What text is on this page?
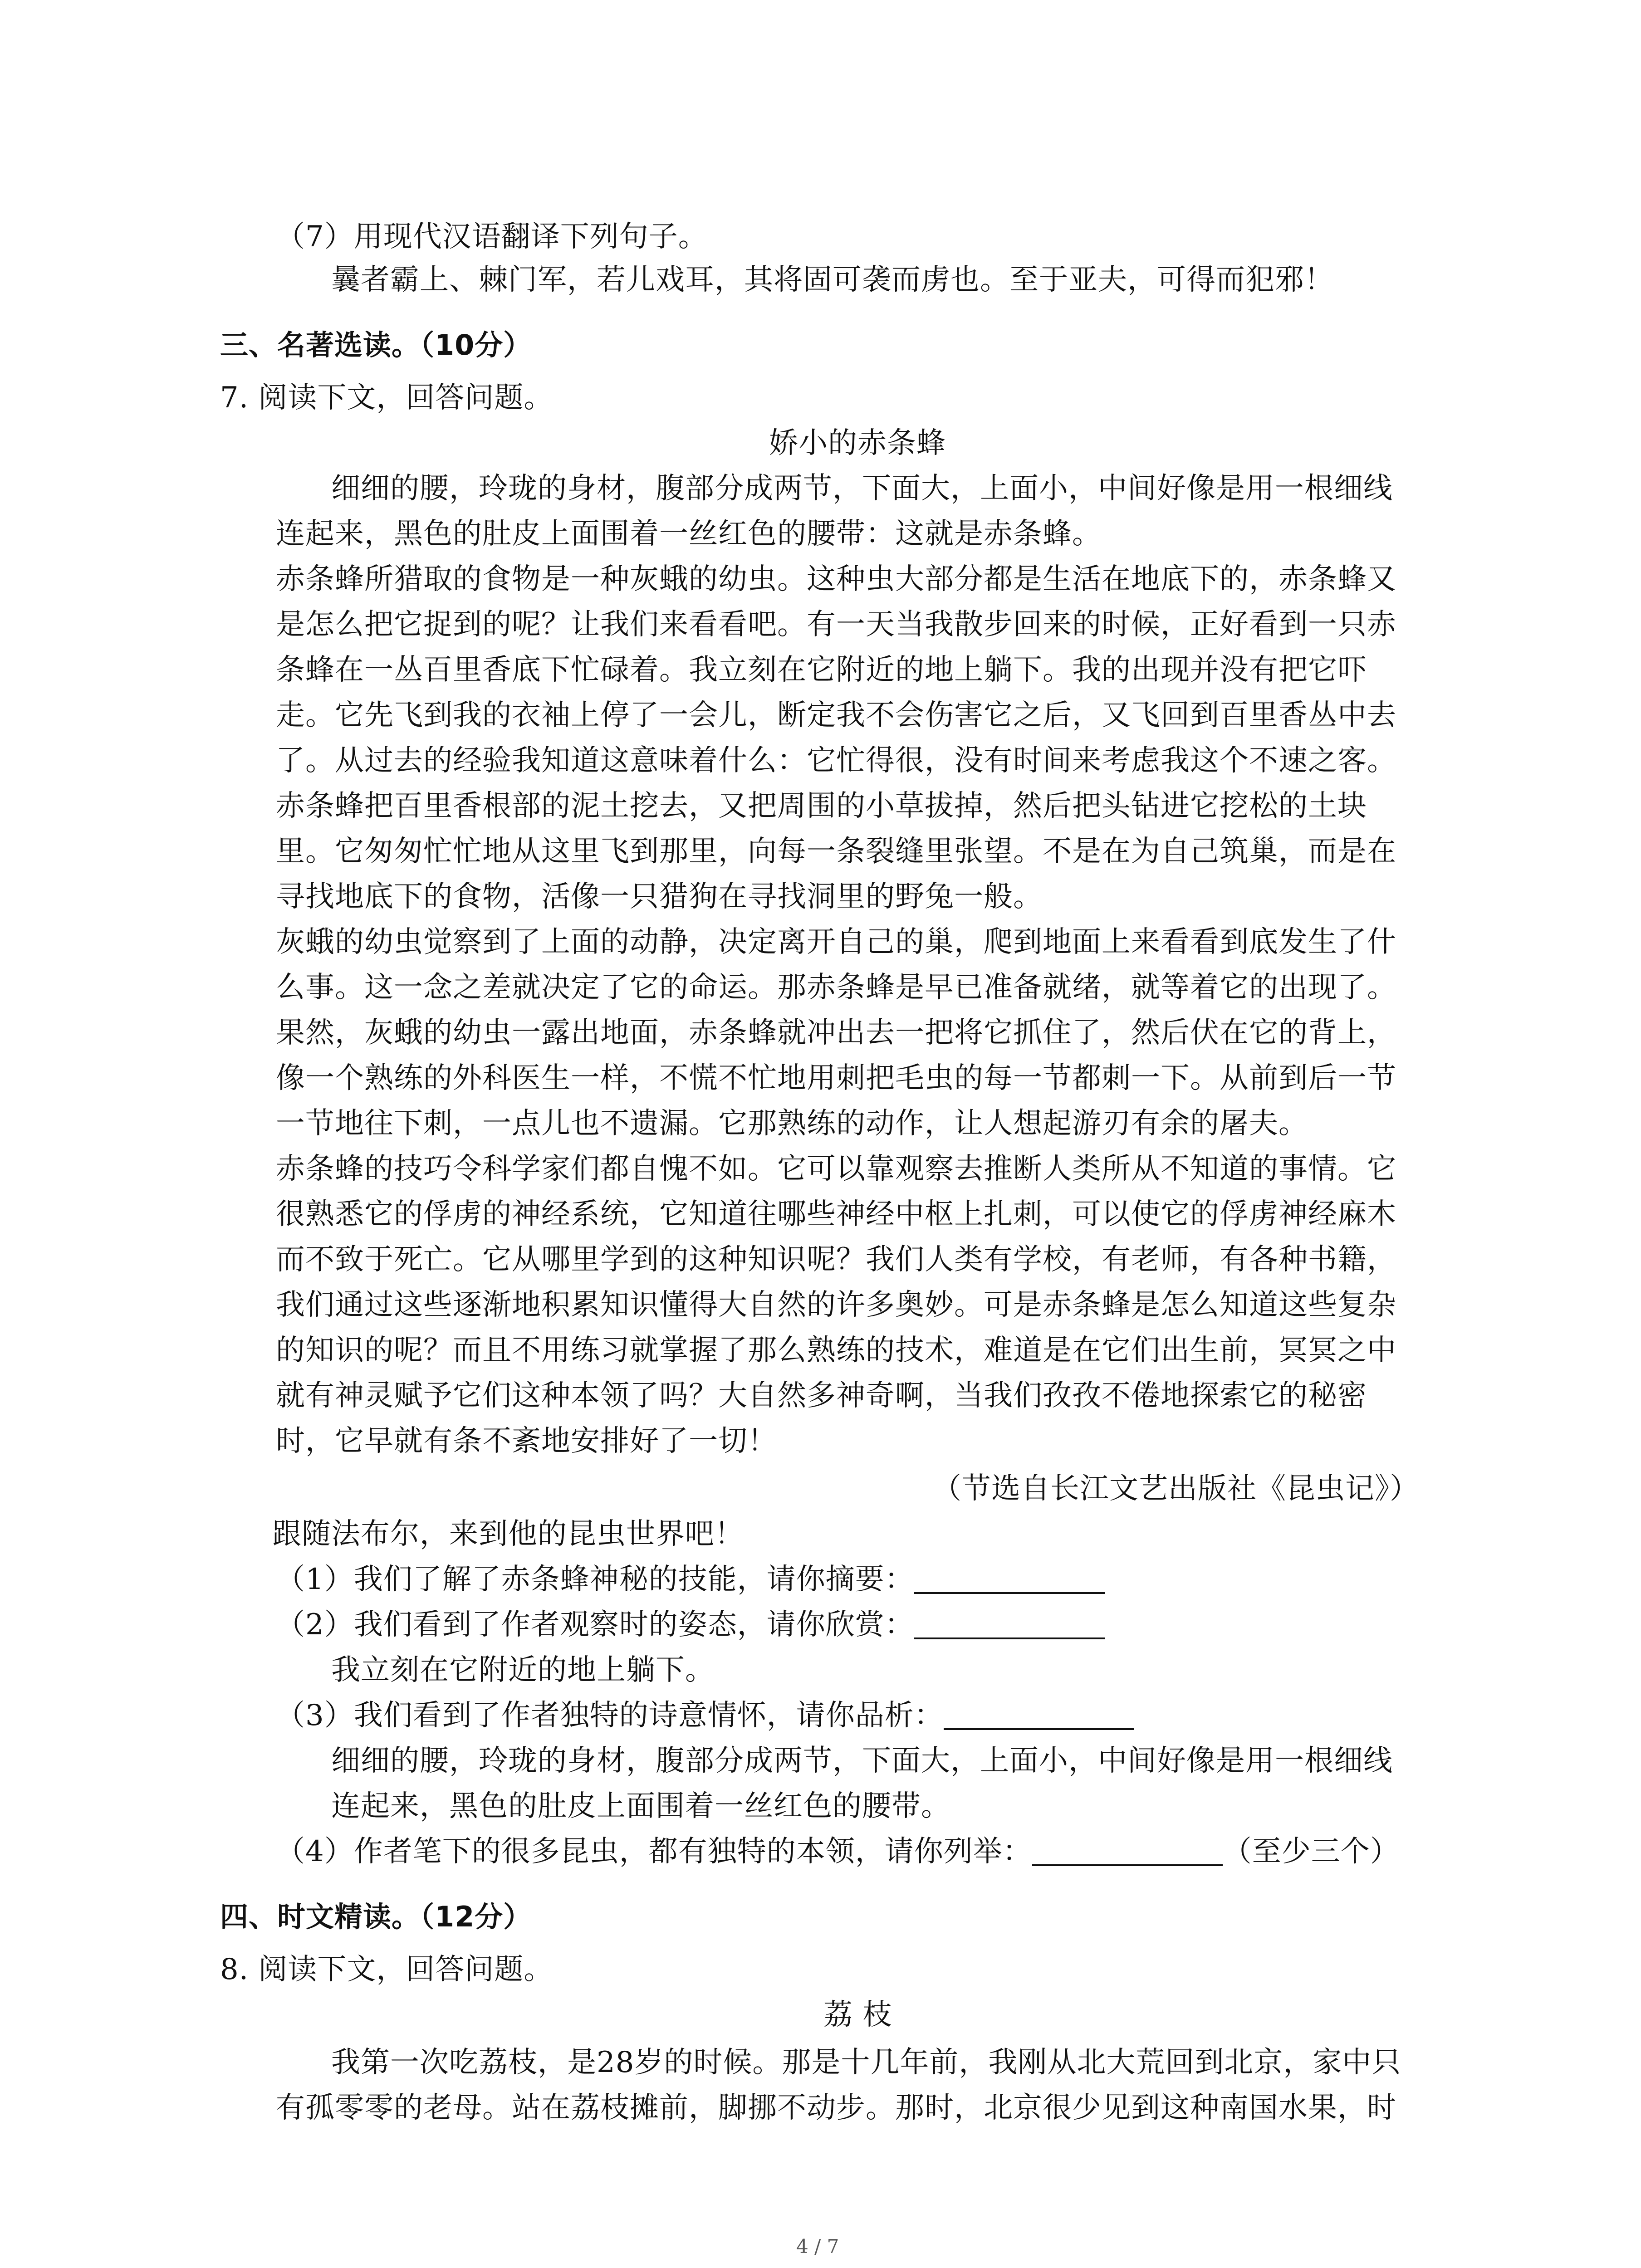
（7）用现代汉语翻译下列句子。
曩者霸上、棘门军，若儿戏耳，其将固可袭而虏也。至于亚夫，可得而犯邪！
三、名著选读。（10分）
7. 阅读下文，回答问题。
娇小的赤条蜂
细细的腰，玲珑的身材，腹部分成两节，下面大，上面小，中间好像是用一根细线
连起来，黑色的肚皮上面围着一丝红色的腰带：这就是赤条蜂。
赤条蜂所猎取的食物是一种灰蛾的幼虫。这种虫大部分都是生活在地底下的，赤条蜂又
是怎么把它捉到的呢？让我们来看看吧。有一天当我散步回来的时候，正好看到一只赤
条蜂在一丛百里香底下忙碌着。我立刻在它附近的地上躺下。我的出现并没有把它吓
走。它先飞到我的衣袖上停了一会儿，断定我不会伤害它之后，又飞回到百里香丛中去
了。从过去的经验我知道这意味着什么：它忙得很，没有时间来考虑我这个不速之客。
赤条蜂把百里香根部的泥土挖去，又把周围的小草拔掉，然后把头钻进它挖松的土块
里。它匆匆忙忙地从这里飞到那里，向每一条裂缝里张望。不是在为自己筑巢，而是在
寻找地底下的食物，活像一只猎狗在寻找洞里的野兔一般。
灰蛾的幼虫觉察到了上面的动静，决定离开自己的巢，爬到地面上来看看到底发生了什
么事。这一念之差就决定了它的命运。那赤条蜂是早已准备就绪，就等着它的出现了。
果然，灰蛾的幼虫一露出地面，赤条蜂就冲出去一把将它抓住了，然后伏在它的背上，
像一个熟练的外科医生一样，不慌不忙地用刺把毛虫的每一节都刺一下。从前到后一节
一节地往下刺，一点儿也不遗漏。它那熟练的动作，让人想起游刃有余的屠夫。
赤条蜂的技巧令科学家们都自愧不如。它可以靠观察去推断人类所从不知道的事情。它
很熟悉它的俘虏的神经系统，它知道往哪些神经中枢上扎刺，可以使它的俘虏神经麻木
而不致于死亡。它从哪里学到的这种知识呢？我们人类有学校，有老师，有各种书籍，
我们通过这些逐渐地积累知识懂得大自然的许多奥妙。可是赤条蜂是怎么知道这些复杂
的知识的呢？而且不用练习就掌握了那么熟练的技术，难道是在它们出生前，冥冥之中
就有神灵赋予它们这种本领了吗？大自然多神奇啊，当我们孜孜不倦地探索它的秘密
时，它早就有条不紊地安排好了一切！
（节选自长江文艺出版社《昆虫记》）
跟随法布尔，来到他的昆虫世界吧！
（1）我们了解了赤条蜂神秘的技能，请你摘要：
（2）我们看到了作者观察时的姿态，请你欣赏：
我立刻在它附近的地上躺下。
（3）我们看到了作者独特的诗意情怀，请你品析：
细细的腰，玲珑的身材，腹部分成两节，下面大，上面小，中间好像是用一根细线
连起来，黑色的肚皮上面围着一丝红色的腰带。
（4）作者笔下的很多昆虫，都有独特的本领，请你列举：	（至少三个）
四、时文精读。（12分）
8. 阅读下文，回答问题。
荔 枝
我第一次吃荔枝，是28岁的时候。那是十几年前，我刚从北大荒回到北京，家中只
有孤零零的老母。站在荔枝摊前，脚挪不动步。那时，北京很少见到这种南国水果，时
4 / 7
